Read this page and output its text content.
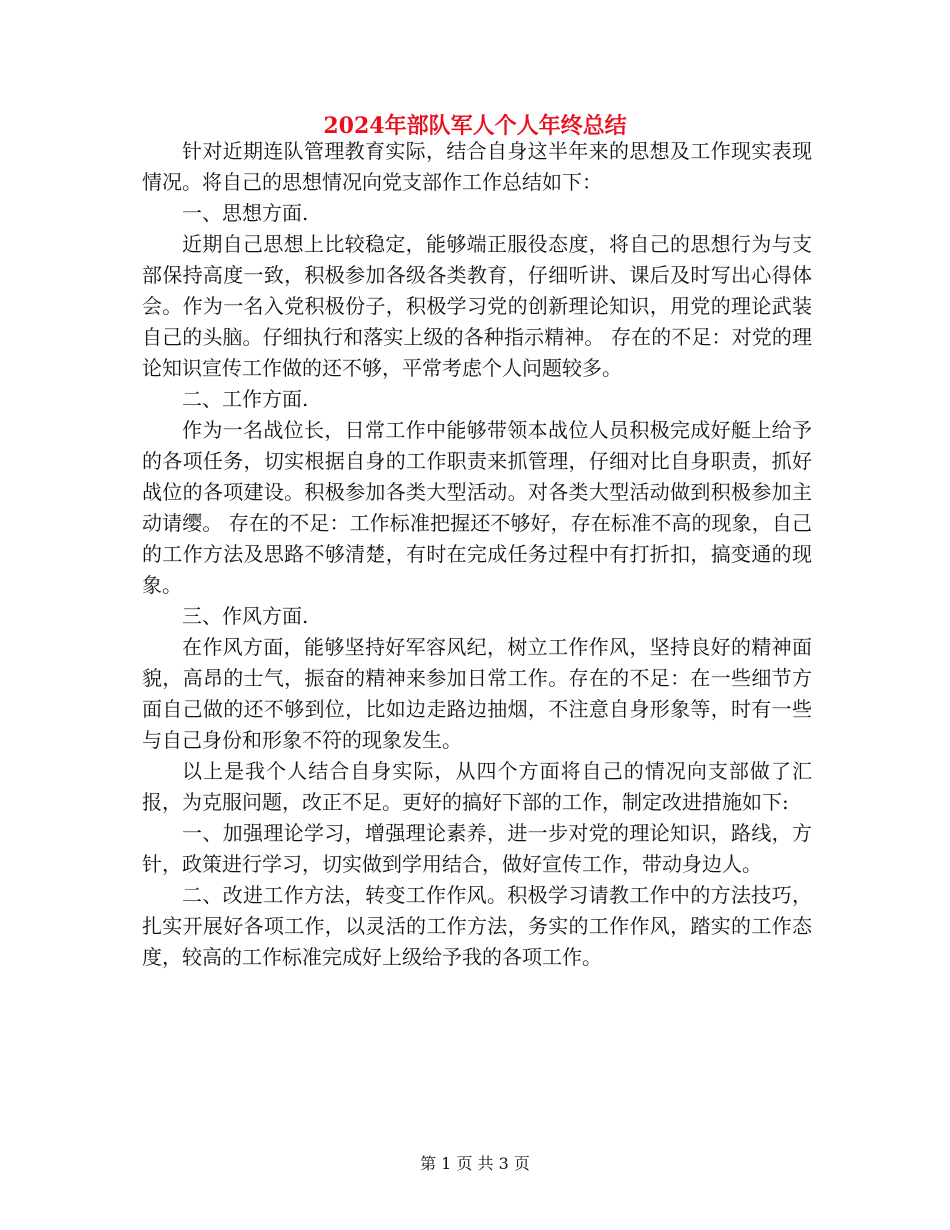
2024年部队军人个人年终总结

针对近期连队管理教育实际，结合自身这半年来的思想及工作现实表现情况。将自己的思想情况向党支部作工作总结如下：

一、思想方面.

近期自己思想上比较稳定，能够端正服役态度，将自己的思想行为与支部保持高度一致，积极参加各级各类教育，仔细听讲、课后及时写出心得体会。作为一名入党积极份子，积极学习党的创新理论知识，用党的理论武装自己的头脑。仔细执行和落实上级的各种指示精神。 存在的不足：对党的理论知识宣传工作做的还不够，平常考虑个人问题较多。

二、工作方面.

作为一名战位长，日常工作中能够带领本战位人员积极完成好艇上给予的各项任务，切实根据自身的工作职责来抓管理，仔细对比自身职责，抓好战位的各项建设。积极参加各类大型活动。对各类大型活动做到积极参加主动请缨。 存在的不足：工作标准把握还不够好，存在标准不高的现象，自己的工作方法及思路不够清楚，有时在完成任务过程中有打折扣，搞变通的现象。

三、作风方面.

在作风方面，能够坚持好军容风纪，树立工作作风，坚持良好的精神面貌，高昂的士气，振奋的精神来参加日常工作。存在的不足：在一些细节方面自己做的还不够到位，比如边走路边抽烟，不注意自身形象等，时有一些与自己身份和形象不符的现象发生。

以上是我个人结合自身实际，从四个方面将自己的情况向支部做了汇报，为克服问题，改正不足。更好的搞好下部的工作，制定改进措施如下:

一、加强理论学习，增强理论素养，进一步对党的理论知识，路线，方针，政策进行学习，切实做到学用结合，做好宣传工作，带动身边人。

二、改进工作方法，转变工作作风。积极学习请教工作中的方法技巧，扎实开展好各项工作，以灵活的工作方法，务实的工作作风，踏实的工作态度，较高的工作标准完成好上级给予我的各项工作。

第 1 页 共 3 页
